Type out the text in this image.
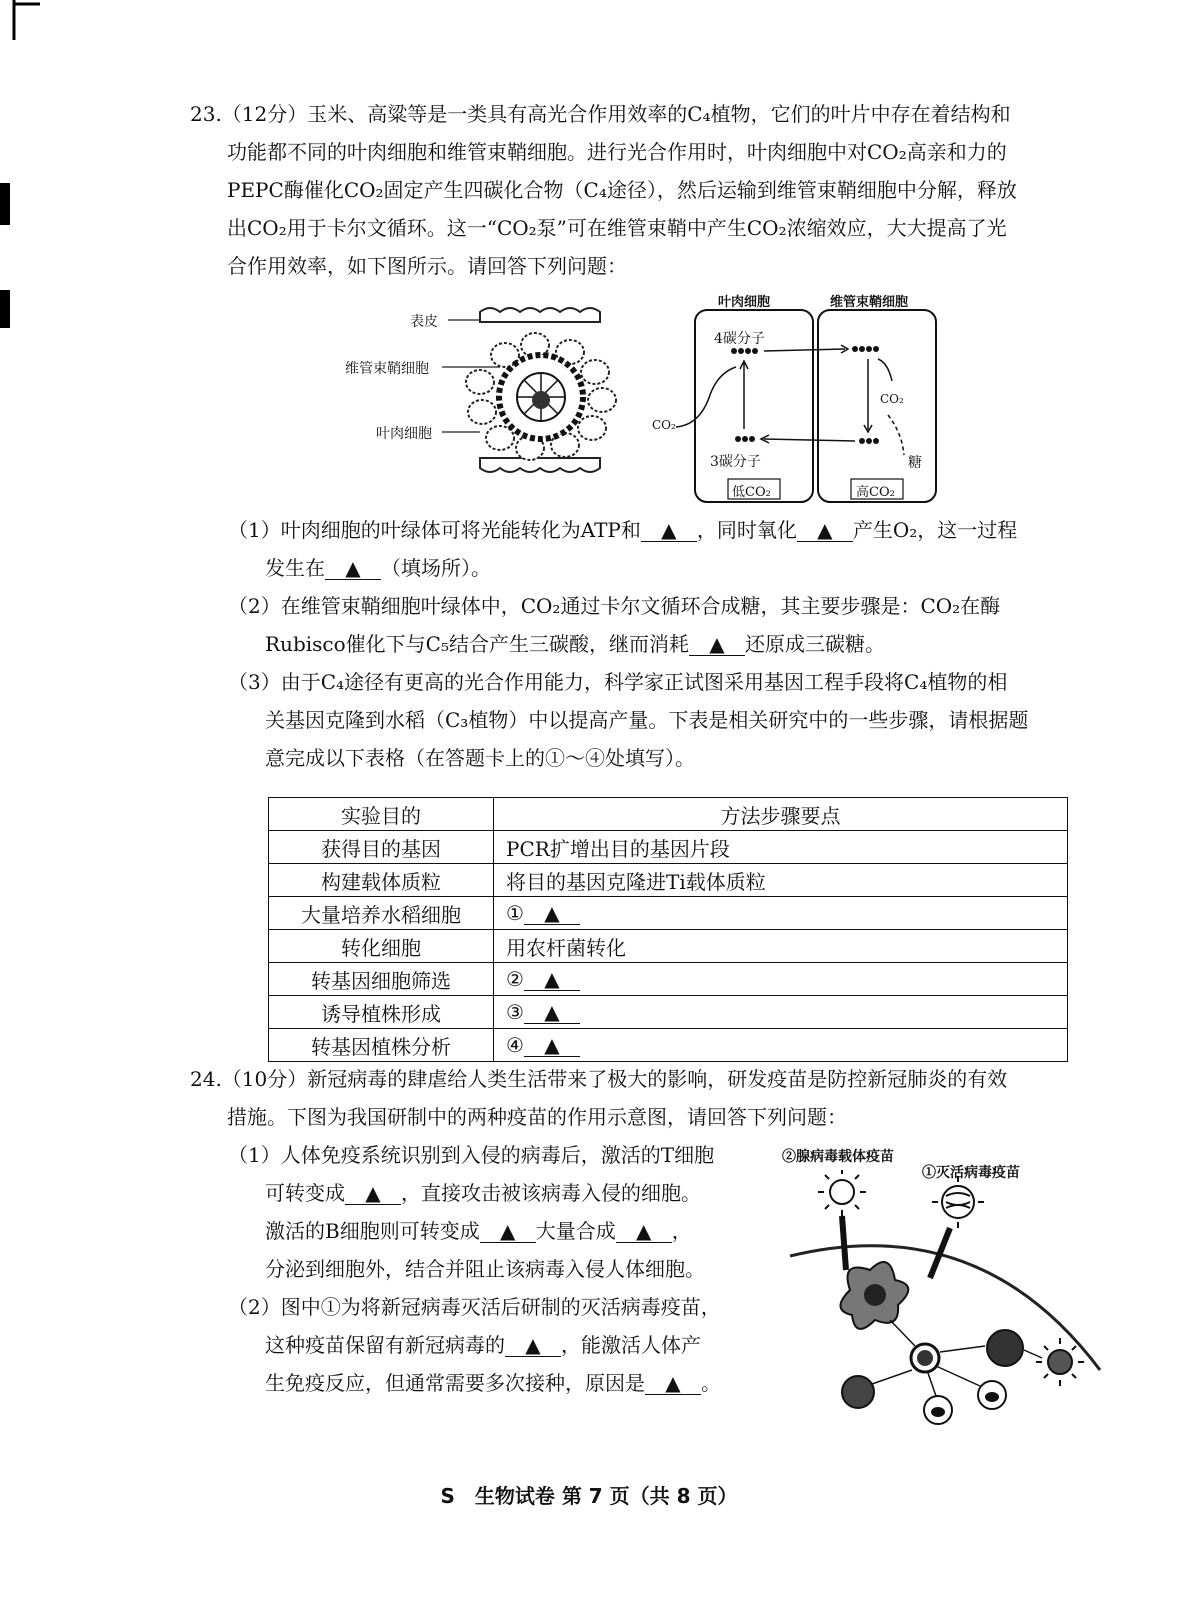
23.（12分）玉米、高粱等是一类具有高光合作用效率的C₄植物，它们的叶片中存在着结构和
功能都不同的叶肉细胞和维管束鞘细胞。进行光合作用时，叶肉细胞中对CO₂高亲和力的
PEPC酶催化CO₂固定产生四碳化合物（C₄途径），然后运输到维管束鞘细胞中分解，释放
出CO₂用于卡尔文循环。这一“CO₂泵”可在维管束鞘中产生CO₂浓缩效应，大大提高了光
合作用效率，如下图所示。请回答下列问题：
表皮
维管束鞘细胞
叶肉细胞
叶肉细胞	维管束鞘细胞
4碳分子
3碳分子
CO₂
CO₂
糖
低CO₂	高CO₂
（1）叶肉细胞的叶绿体可将光能转化为ATP和 ▲ ，同时氧化 ▲ 产生O₂，这一过程
发生在 ▲ （填场所）。
（2）在维管束鞘细胞叶绿体中，CO₂通过卡尔文循环合成糖，其主要步骤是：CO₂在酶
Rubisco催化下与C₅结合产生三碳酸，继而消耗 ▲ 还原成三碳糖。
（3）由于C₄途径有更高的光合作用能力，科学家正试图采用基因工程手段将C₄植物的相
关基因克隆到水稻（C₃植物）中以提高产量。下表是相关研究中的一些步骤，请根据题
意完成以下表格（在答题卡上的①～④处填写）。
实验目的	方法步骤要点
获得目的基因	PCR扩增出目的基因片段
构建载体质粒	将目的基因克隆进Ti载体质粒
大量培养水稻细胞	① ▲
转化细胞	用农杆菌转化
转基因细胞筛选	② ▲
诱导植株形成	③ ▲
转基因植株分析	④ ▲
24.（10分）新冠病毒的肆虐给人类生活带来了极大的影响，研发疫苗是防控新冠肺炎的有效
措施。下图为我国研制中的两种疫苗的作用示意图，请回答下列问题：
（1）人体免疫系统识别到入侵的病毒后，激活的T细胞
可转变成 ▲ ，直接攻击被该病毒入侵的细胞。
激活的B细胞则可转变成 ▲ 大量合成 ▲ ，
分泌到细胞外，结合并阻止该病毒入侵人体细胞。
（2）图中①为将新冠病毒灭活后研制的灭活病毒疫苗，
这种疫苗保留有新冠病毒的 ▲ ，能激活人体产
生免疫反应，但通常需要多次接种，原因是 ▲ 。
②腺病毒载体疫苗
①灭活病毒疫苗
S　生物试卷 第 7 页（共 8 页）
